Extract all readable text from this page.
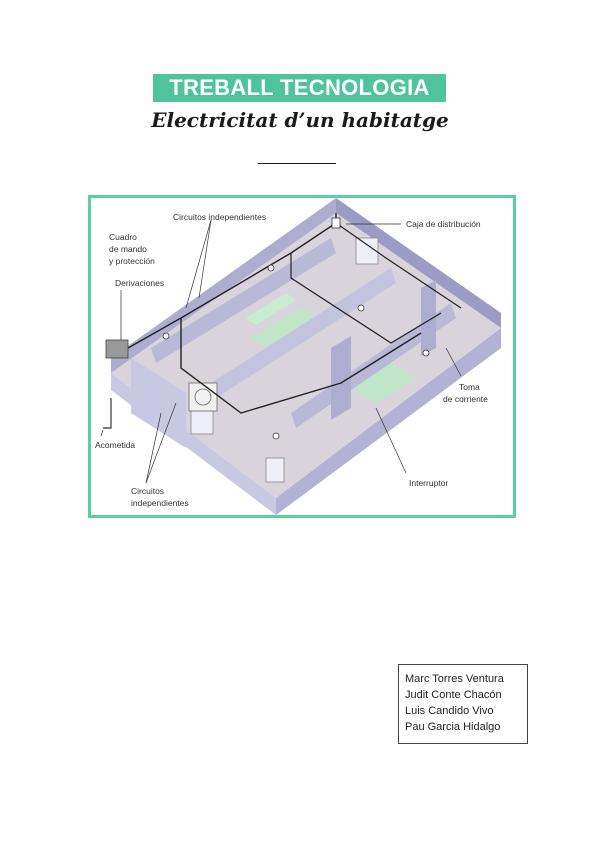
TREBALL TECNOLOGIA
Electricitat d’un habitatge
Circuitos independientes
Caja de distribución
Cuadro
de mando
y protección
Derivaciones
Toma
de corriente
Acometida
Interruptor
Circuitos
independientes
Marc Torres Ventura
Judit Conte Chacón
Luis Candido Vivo
Pau Garcia Hidalgo
